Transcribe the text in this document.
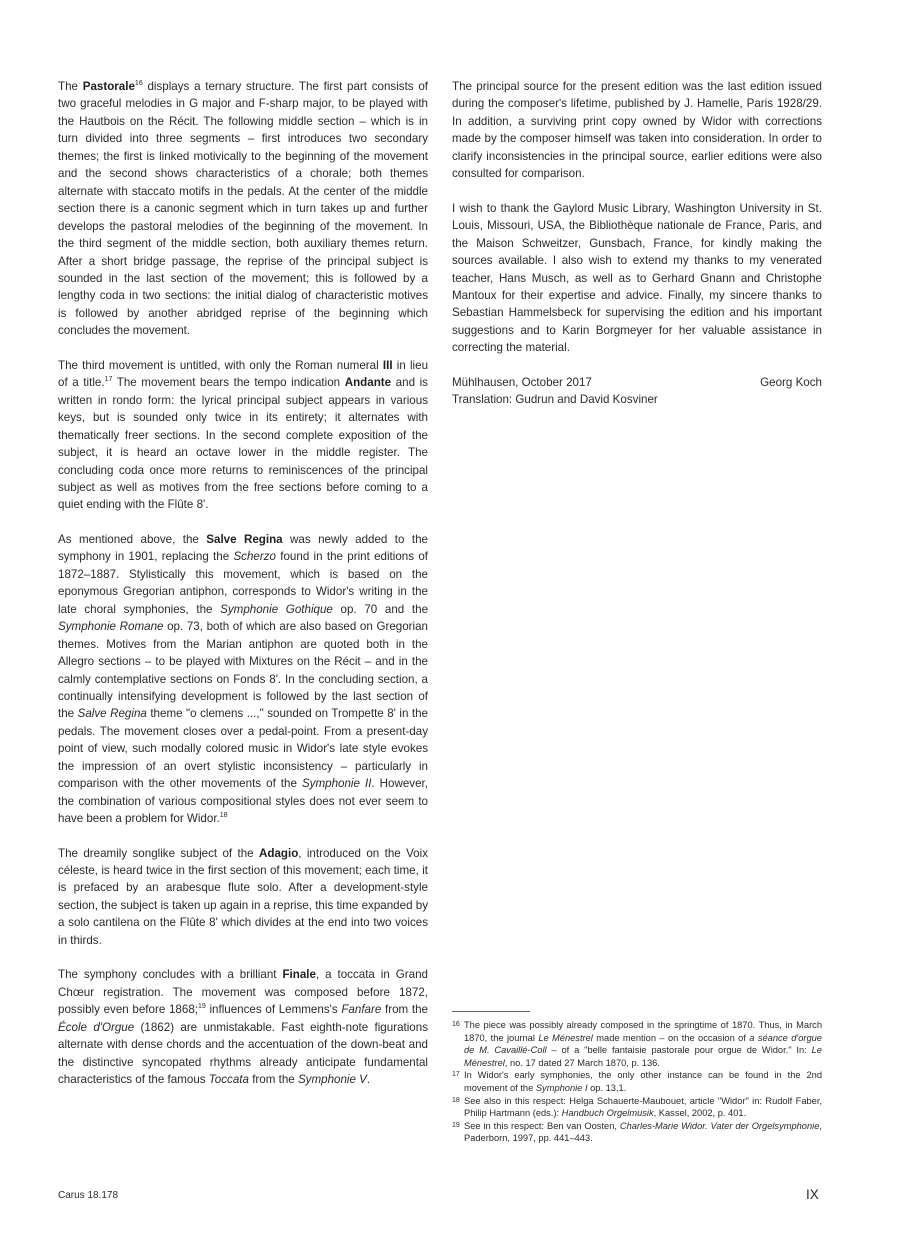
The Pastorale$^{16}$ displays a ternary structure. The first part consists of two graceful melodies in G major and F-sharp major, to be played with the Hautbois on the Récit. The following middle section – which is in turn divided into three segments – first introduces two secondary themes; the first is linked motivically to the beginning of the movement and the second shows characteristics of a chorale; both themes alternate with staccato motifs in the pedals. At the center of the middle section there is a canonic segment which in turn takes up and further develops the pastoral melodies of the beginning of the movement. In the third segment of the middle section, both auxiliary themes return. After a short bridge passage, the reprise of the principal subject is sounded in the last section of the movement; this is followed by a lengthy coda in two sections: the initial dialog of characteristic motives is followed by another abridged reprise of the beginning which concludes the movement.

The third movement is untitled, with only the Roman numeral III in lieu of a title.$^{17}$ The movement bears the tempo indication Andante and is written in rondo form: the lyrical principal subject appears in various keys, but is sounded only twice in its entirety; it alternates with thematically freer sections. In the second complete exposition of the subject, it is heard an octave lower in the middle register. The concluding coda once more returns to reminiscences of the principal subject as well as motives from the free sections before coming to a quiet ending with the Flûte 8'.

As mentioned above, the Salve Regina was newly added to the symphony in 1901, replacing the Scherzo found in the print editions of 1872–1887. Stylistically this movement, which is based on the eponymous Gregorian antiphon, corresponds to Widor's writing in the late choral symphonies, the Symphonie Gothique op. 70 and the Symphonie Romane op. 73, both of which are also based on Gregorian themes. Motives from the Marian antiphon are quoted both in the Allegro sections – to be played with Mixtures on the Récit – and in the calmly contemplative sections on Fonds 8'. In the concluding section, a continually intensifying development is followed by the last section of the Salve Regina theme "o clemens ...," sounded on Trompette 8' in the pedals. The movement closes over a pedal-point. From a present-day point of view, such modally colored music in Widor's late style evokes the impression of an overt stylistic inconsistency – particularly in comparison with the other movements of the Symphonie II. However, the combination of various compositional styles does not ever seem to have been a problem for Widor.$^{18}$

The dreamily songlike subject of the Adagio, introduced on the Voix céleste, is heard twice in the first section of this movement; each time, it is prefaced by an arabesque flute solo. After a development-style section, the subject is taken up again in a reprise, this time expanded by a solo cantilena on the Flûte 8' which divides at the end into two voices in thirds.

The symphony concludes with a brilliant Finale, a toccata in Grand Chœur registration. The movement was composed before 1872, possibly even before 1868;$^{19}$ influences of Lemmens's Fanfare from the École d'Orgue (1862) are unmistakable. Fast eighth-note figurations alternate with dense chords and the accentuation of the down-beat and the distinctive syncopated rhythms already anticipate fundamental characteristics of the famous Toccata from the Symphonie V.

The principal source for the present edition was the last edition issued during the composer's lifetime, published by J. Hamelle, Paris 1928/29. In addition, a surviving print copy owned by Widor with corrections made by the composer himself was taken into consideration. In order to clarify inconsistencies in the principal source, earlier editions were also consulted for comparison.

I wish to thank the Gaylord Music Library, Washington University in St. Louis, Missouri, USA, the Bibliothèque nationale de France, Paris, and the Maison Schweitzer, Gunsbach, France, for kindly making the sources available. I also wish to extend my thanks to my venerated teacher, Hans Musch, as well as to Gerhard Gnann and Christophe Mantoux for their expertise and advice. Finally, my sincere thanks to Sebastian Hammelsbeck for supervising the edition and his important suggestions and to Karin Borgmeyer for her valuable assistance in correcting the material.

Mühlhausen, October 2017	Georg Koch
Translation: Gudrun and David Kosviner
16 The piece was possibly already composed in the springtime of 1870. Thus, in March 1870, the journal Le Ménestrel made mention – on the occasion of a séance d'orgue de M. Cavaillé-Coll – of a "belle fantaisie pastorale pour orgue de Widor." In: Le Ménestrel, no. 17 dated 27 March 1870, p. 136.
17 In Widor's early symphonies, the only other instance can be found in the 2nd movement of the Symphonie I op. 13,1.
18 See also in this respect: Helga Schauerte-Maubouet, article "Widor" in: Rudolf Faber, Philip Hartmann (eds.): Handbuch Orgelmusik, Kassel, 2002, p. 401.
19 See in this respect: Ben van Oosten, Charles-Marie Widor. Vater der Orgelsymphonie, Paderborn, 1997, pp. 441–443.
Carus 18.178	IX
